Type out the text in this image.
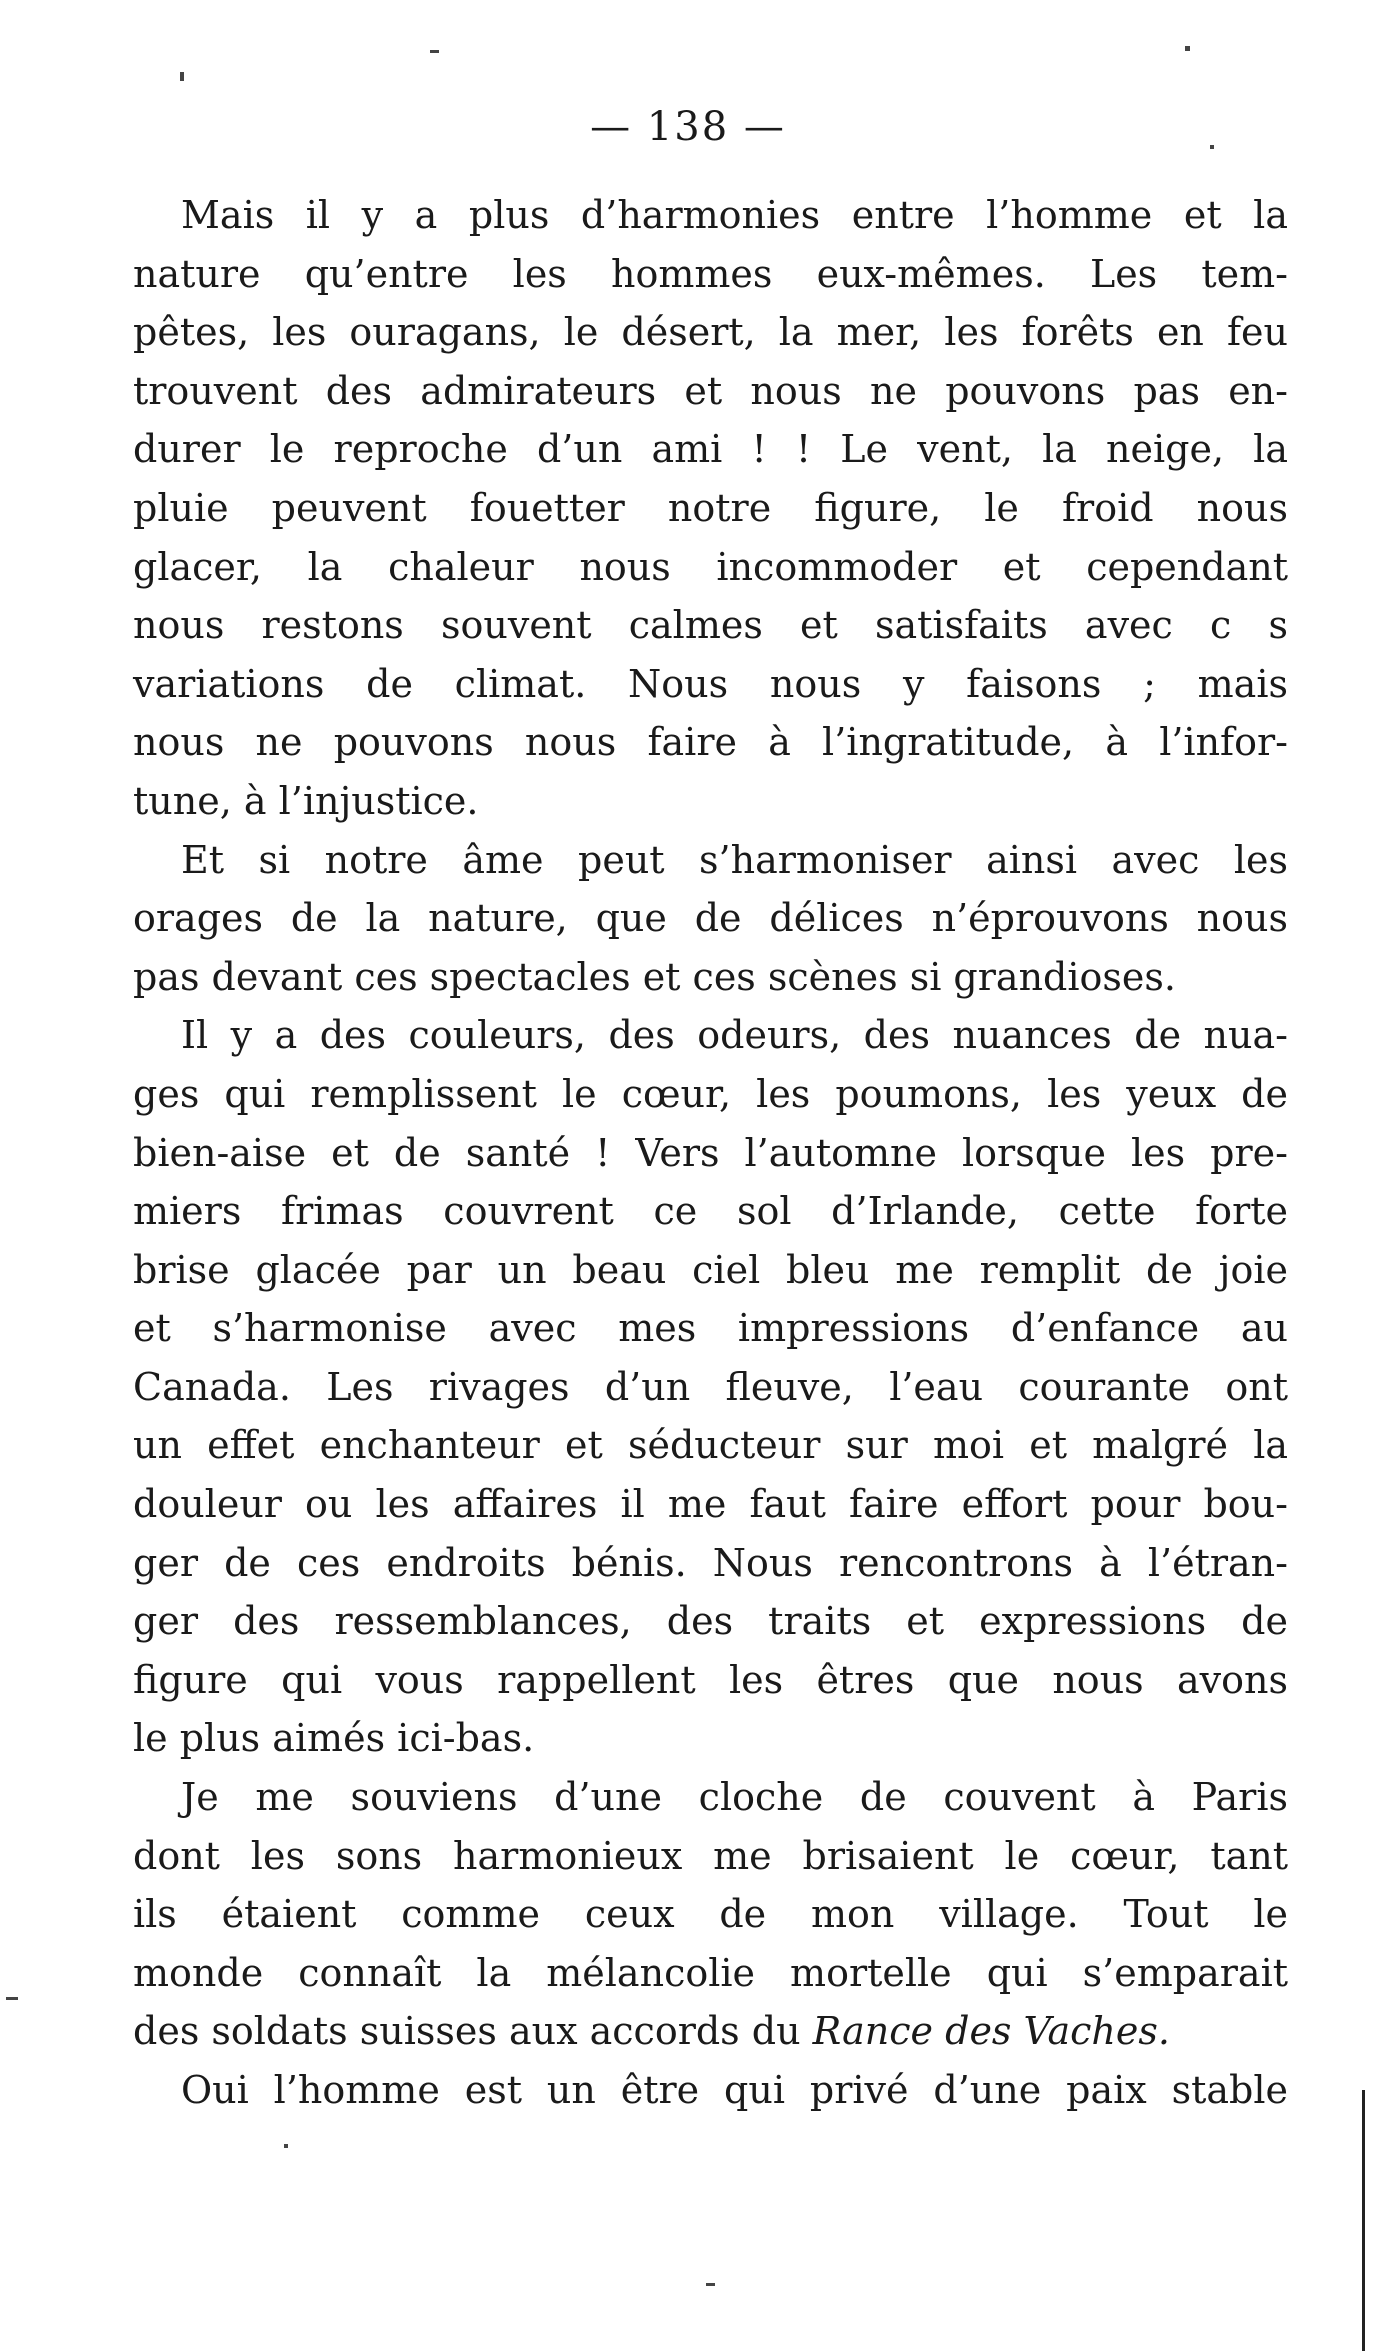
— 138 —
Mais il y a plus d’harmonies entre l’homme et la
nature qu’entre les hommes eux-mêmes. Les tem-
pêtes, les ouragans, le désert, la mer, les forêts en feu
trouvent des admirateurs et nous ne pouvons pas en-
durer le reproche d’un ami ! ! Le vent, la neige, la
pluie peuvent fouetter notre figure, le froid nous
glacer, la chaleur nous incommoder et cependant
nous restons souvent calmes et satisfaits avec c s
variations de climat. Nous nous y faisons ; mais
nous ne pouvons nous faire à l’ingratitude, à l’infor-
tune, à l’injustice.
Et si notre âme peut s’harmoniser ainsi avec les
orages de la nature, que de délices n’éprouvons nous
pas devant ces spectacles et ces scènes si grandioses.
Il y a des couleurs, des odeurs, des nuances de nua-
ges qui remplissent le cœur, les poumons, les yeux de
bien-aise et de santé ! Vers l’automne lorsque les pre-
miers frimas couvrent ce sol d’Irlande, cette forte
brise glacée par un beau ciel bleu me remplit de joie
et s’harmonise avec mes impressions d’enfance au
Canada. Les rivages d’un fleuve, l’eau courante ont
un effet enchanteur et séducteur sur moi et malgré la
douleur ou les affaires il me faut faire effort pour bou-
ger de ces endroits bénis. Nous rencontrons à l’étran-
ger des ressemblances, des traits et expressions de
figure qui vous rappellent les êtres que nous avons
le plus aimés ici-bas.
Je me souviens d’une cloche de couvent à Paris
dont les sons harmonieux me brisaient le cœur, tant
ils étaient comme ceux de mon village. Tout le
monde connaît la mélancolie mortelle qui s’emparait
des soldats suisses aux accords du Rance des Vaches.
Oui l’homme est un être qui privé d’une paix stable
